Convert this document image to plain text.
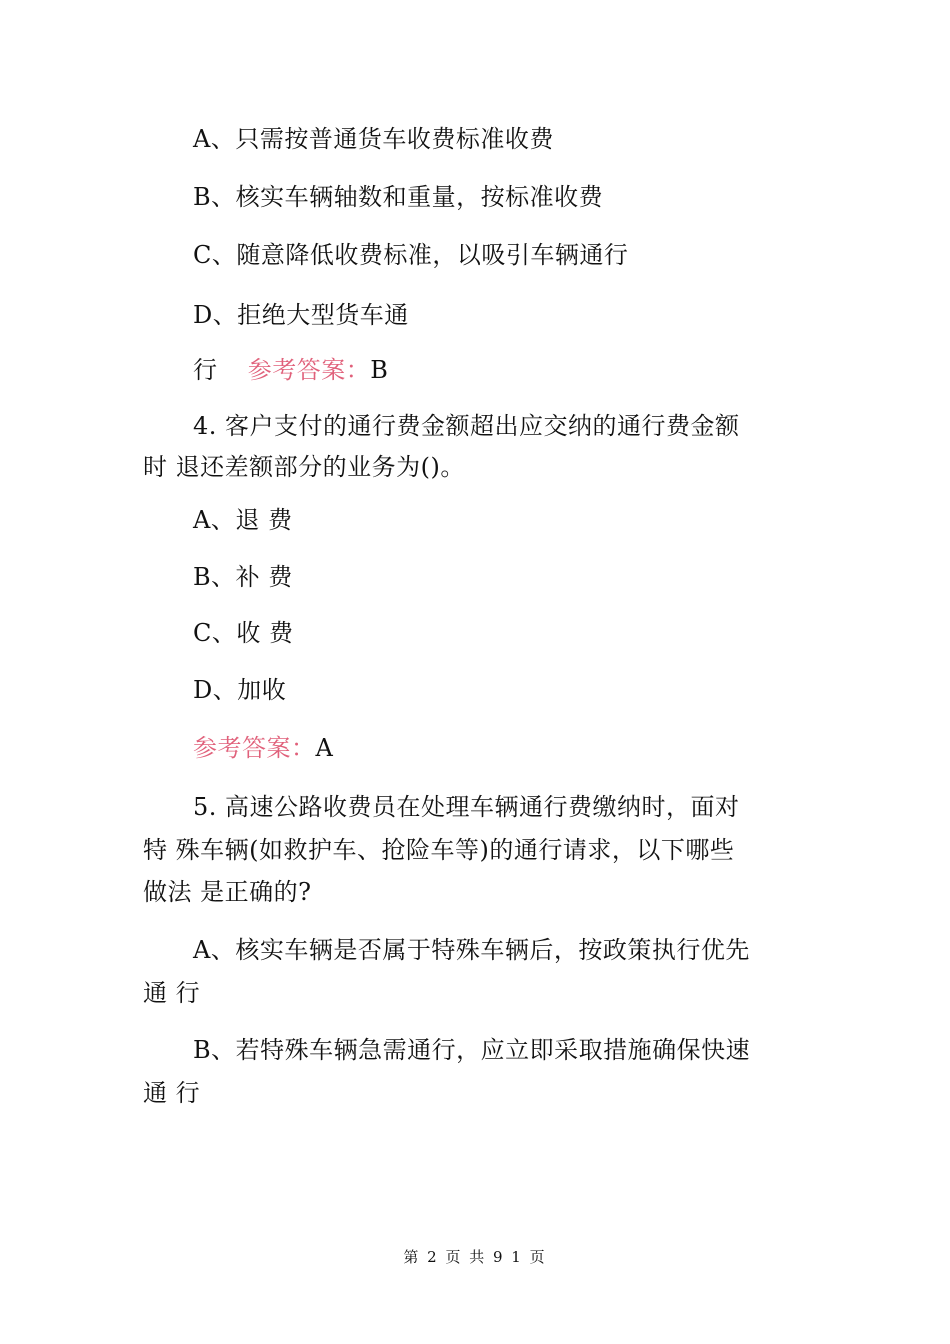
A、只需按普通货车收费标准收费
B、核实车辆轴数和重量，按标准收费
C、随意降低收费标准，以吸引车辆通行
D、拒绝大型货车通
行 参考答案：B
4. 客户支付的通行费金额超出应交纳的通行费金额
时 退还差额部分的业务为()。
A、退 费
B、补 费
C、收 费
D、加收
参考答案：A
5. 高速公路收费员在处理车辆通行费缴纳时，面对
特 殊车辆(如救护车、抢险车等)的通行请求，以下哪些
做法 是正确的?
A、核实车辆是否属于特殊车辆后，按政策执行优先
通 行
B、若特殊车辆急需通行，应立即采取措施确保快速
通 行
第 2 页 共 9 1 页
